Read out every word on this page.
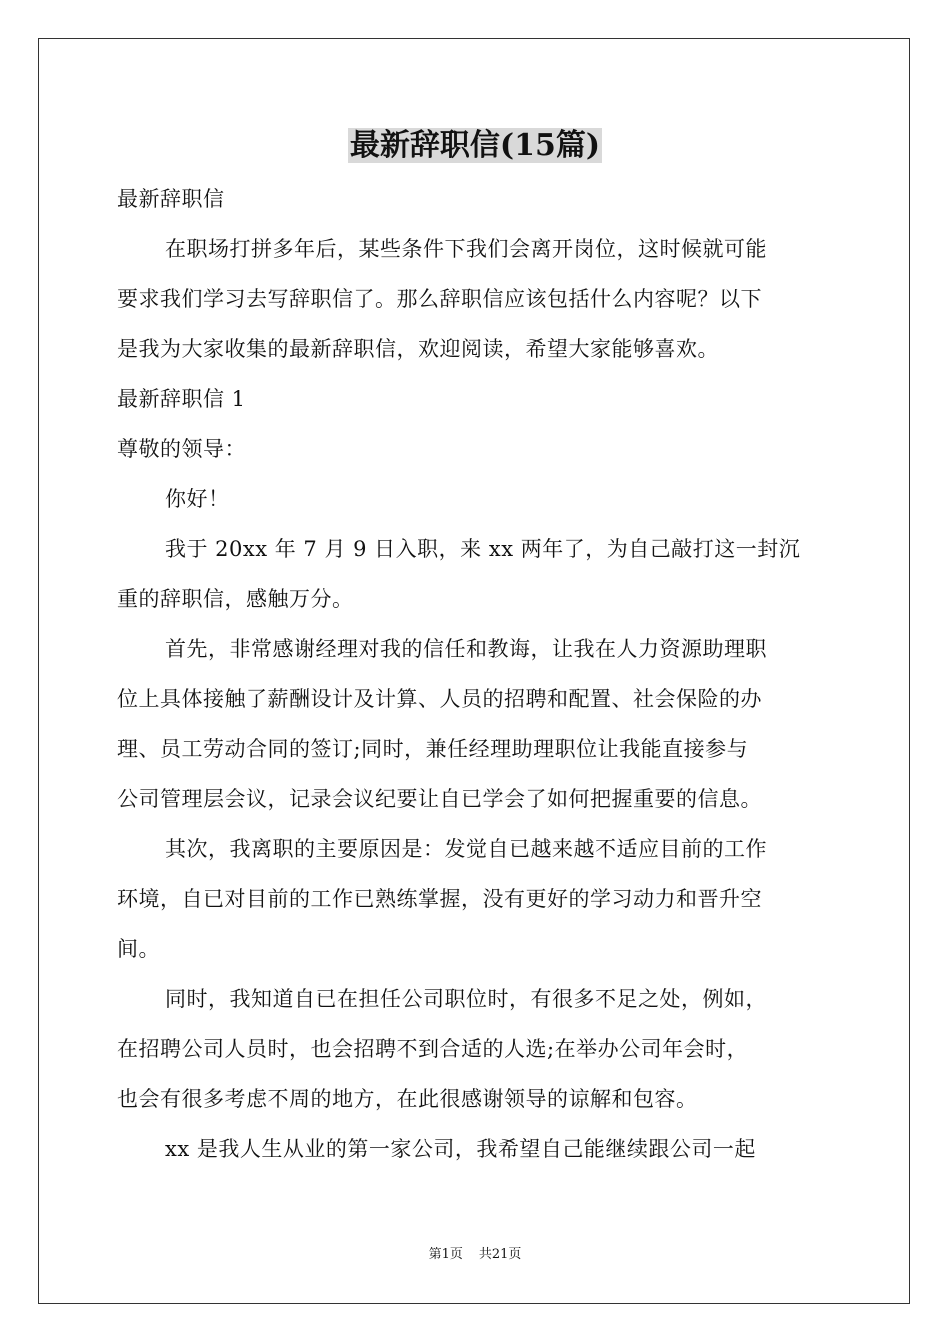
最新辞职信(15篇)
最新辞职信
在职场打拼多年后，某些条件下我们会离开岗位，这时候就可能
要求我们学习去写辞职信了。那么辞职信应该包括什么内容呢？以下
是我为大家收集的最新辞职信，欢迎阅读，希望大家能够喜欢。
最新辞职信 1
尊敬的领导：
你好！
我于 20xx 年 7 月 9 日入职，来 xx 两年了，为自己敲打这一封沉
重的辞职信，感触万分。
首先，非常感谢经理对我的信任和教诲，让我在人力资源助理职
位上具体接触了薪酬设计及计算、人员的招聘和配置、社会保险的办
理、员工劳动合同的签订;同时，兼任经理助理职位让我能直接参与
公司管理层会议，记录会议纪要让自已学会了如何把握重要的信息。
其次，我离职的主要原因是：发觉自已越来越不适应目前的工作
环境，自已对目前的工作已熟练掌握，没有更好的学习动力和晋升空
间。
同时，我知道自已在担任公司职位时，有很多不足之处，例如，
在招聘公司人员时，也会招聘不到合适的人选;在举办公司年会时，
也会有很多考虑不周的地方，在此很感谢领导的谅解和包容。
xx 是我人生从业的第一家公司，我希望自己能继续跟公司一起
第1页 共21页
